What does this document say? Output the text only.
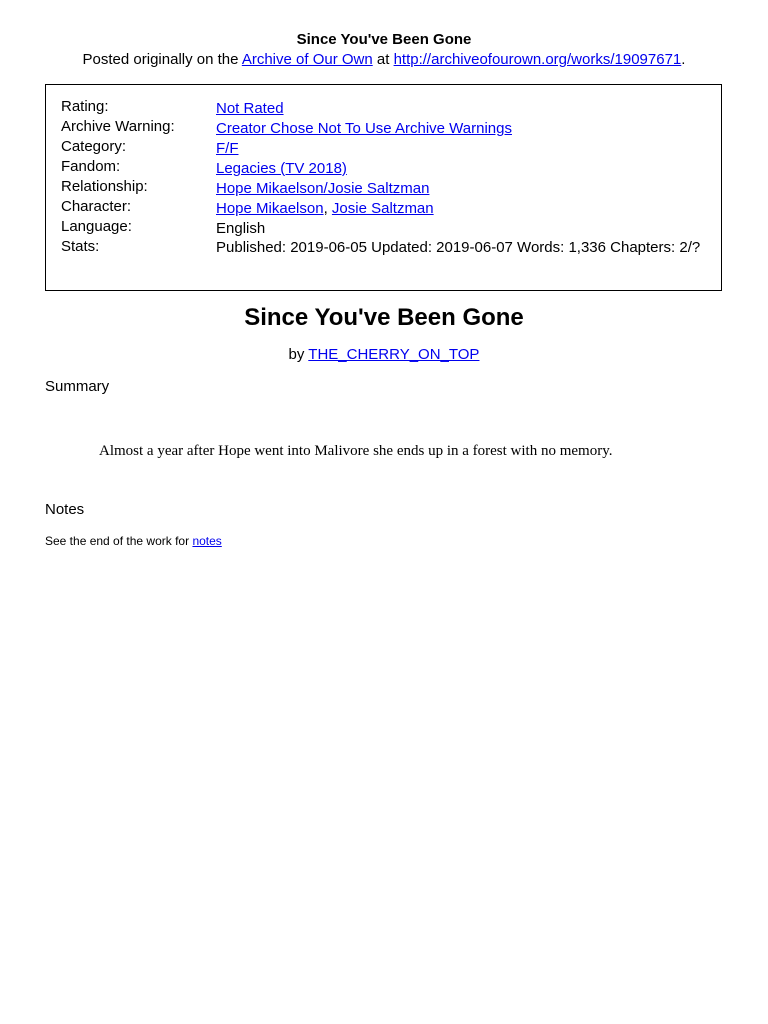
Since You've Been Gone
Posted originally on the Archive of Our Own at http://archiveofourown.org/works/19097671.
Rating:	Not Rated
Archive Warning:	Creator Chose Not To Use Archive Warnings
Category:	F/F
Fandom:	Legacies (TV 2018)
Relationship:	Hope Mikaelson/Josie Saltzman
Character:	Hope Mikaelson, Josie Saltzman
Language:	English
Stats:	Published: 2019-06-05 Updated: 2019-06-07 Words: 1,336 Chapters: 2/?
Since You've Been Gone
by THE_CHERRY_ON_TOP
Summary
Almost a year after Hope went into Malivore she ends up in a forest with no memory.
Notes
See the end of the work for notes
